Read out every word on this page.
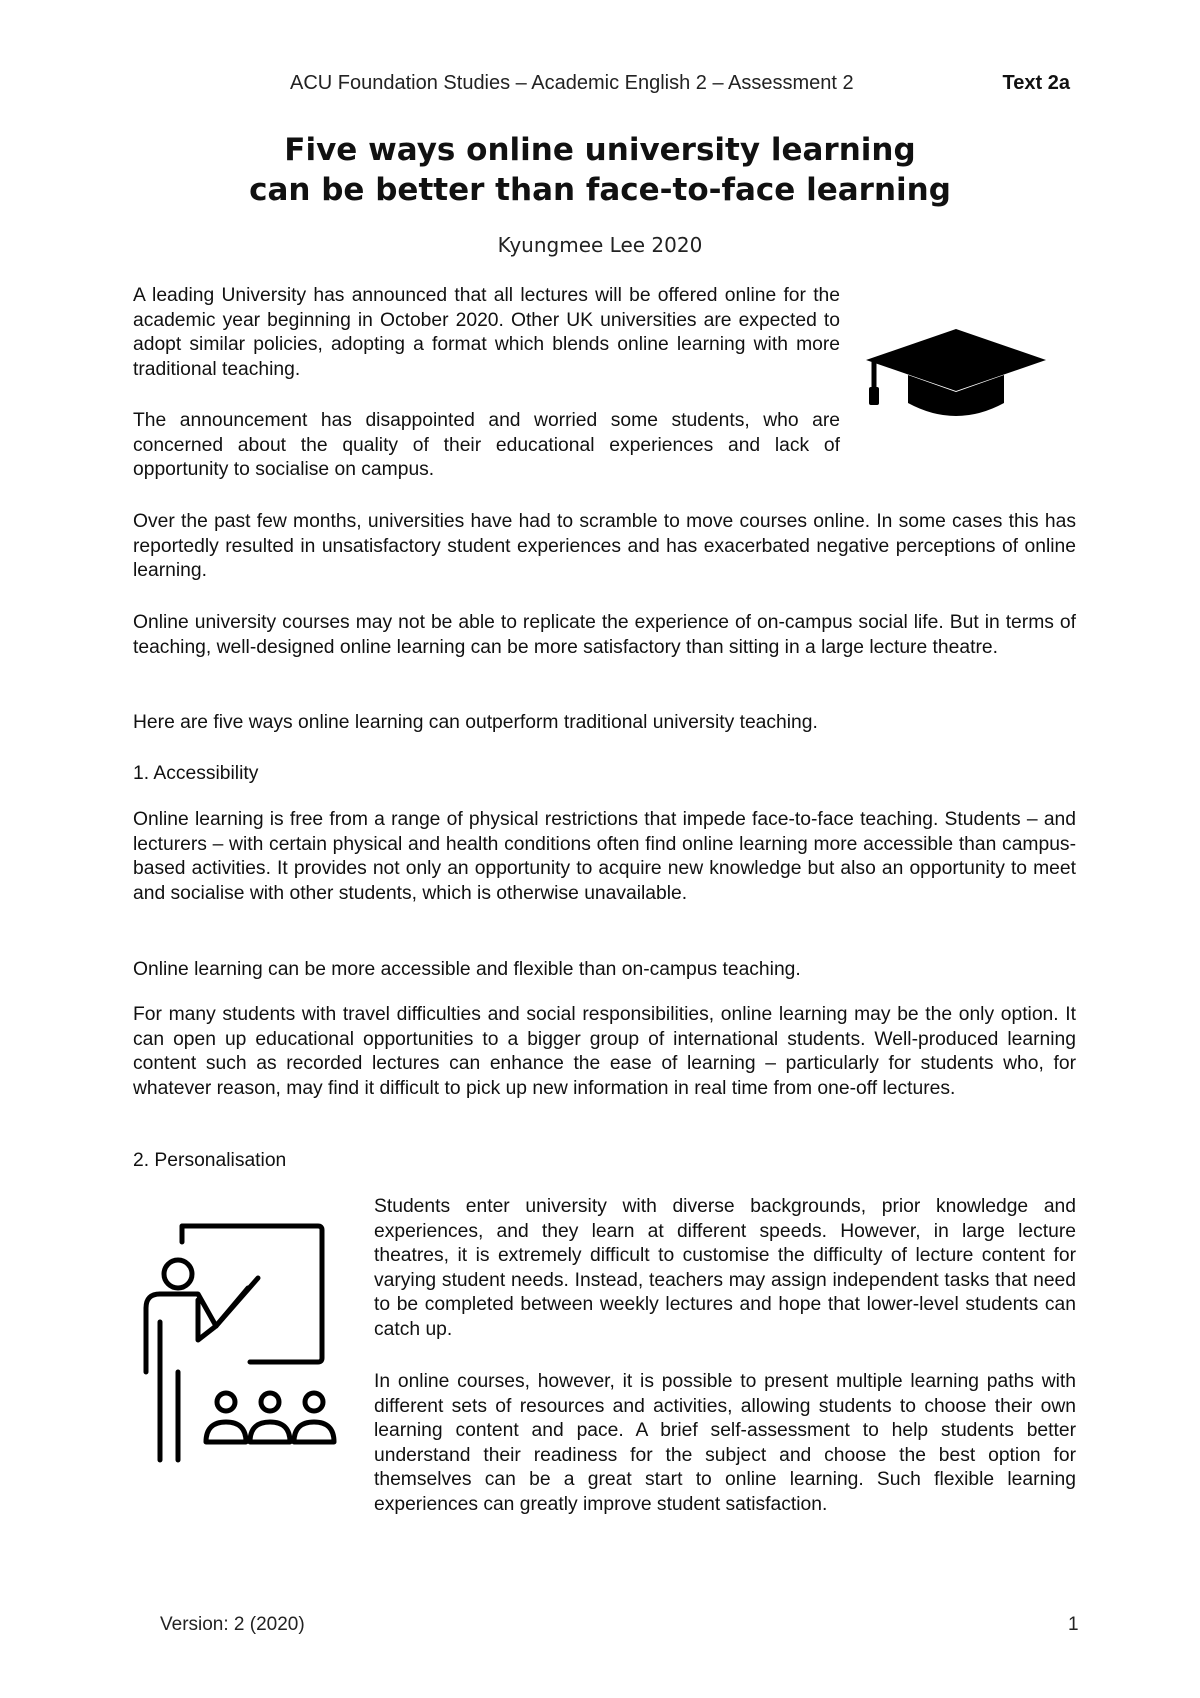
ACU Foundation Studies – Academic English 2 – Assessment 2	Text 2a
Five ways online university learning
can be better than face-to-face learning
Kyungmee Lee 2020

A leading University has announced that all lectures will be offered online for the academic year beginning in October 2020. Other UK universities are expected to adopt similar policies, adopting a format which blends online learning with more traditional teaching.

The announcement has disappointed and worried some students, who are concerned about the quality of their educational experiences and lack of opportunity to socialise on campus.

Over the past few months, universities have had to scramble to move courses online. In some cases this has reportedly resulted in unsatisfactory student experiences and has exacerbated negative perceptions of online learning.

Online university courses may not be able to replicate the experience of on-campus social life. But in terms of teaching, well-designed online learning can be more satisfactory than sitting in a large lecture theatre.

Here are five ways online learning can outperform traditional university teaching.

1. Accessibility

Online learning is free from a range of physical restrictions that impede face-to-face teaching. Students – and lecturers – with certain physical and health conditions often find online learning more accessible than campus-based activities. It provides not only an opportunity to acquire new knowledge but also an opportunity to meet and socialise with other students, which is otherwise unavailable.

Online learning can be more accessible and flexible than on-campus teaching.

For many students with travel difficulties and social responsibilities, online learning may be the only option. It can open up educational opportunities to a bigger group of international students. Well-produced learning content such as recorded lectures can enhance the ease of learning – particularly for students who, for whatever reason, may find it difficult to pick up new information in real time from one-off lectures.

2. Personalisation

Students enter university with diverse backgrounds, prior knowledge and experiences, and they learn at different speeds. However, in large lecture theatres, it is extremely difficult to customise the difficulty of lecture content for varying student needs. Instead, teachers may assign independent tasks that need to be completed between weekly lectures and hope that lower-level students can catch up.

In online courses, however, it is possible to present multiple learning paths with different sets of resources and activities, allowing students to choose their own learning content and pace. A brief self-assessment to help students better understand their readiness for the subject and choose the best option for themselves can be a great start to online learning. Such flexible learning experiences can greatly improve student satisfaction.

Version: 2 (2020)	1
